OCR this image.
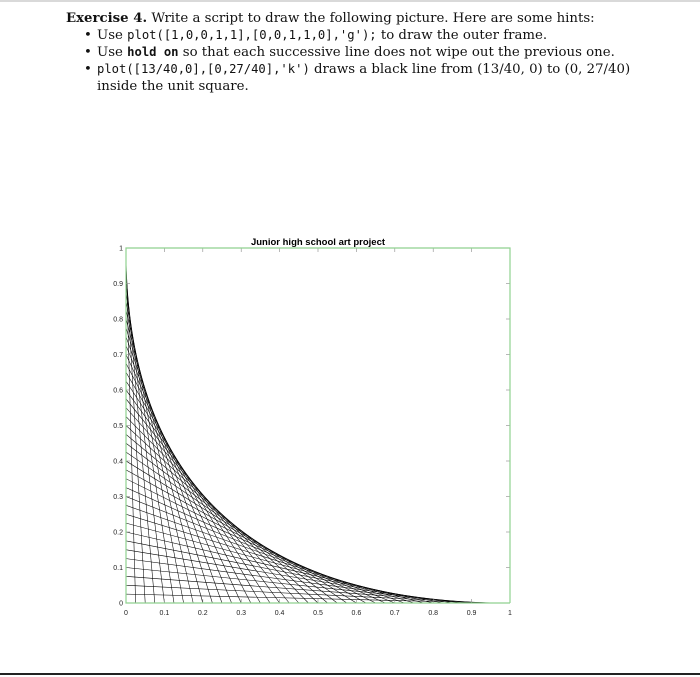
Exercise 4. Write a script to draw the following picture. Here are some hints:

• Use plot([1,0,0,1,1],[0,0,1,1,0],'g'); to draw the outer frame.
• Use hold on so that each successive line does not wipe out the previous one.
• plot([13/40,0],[0,27/40],'k') draws a black line from (13/40, 0) to (0, 27/40) inside the unit square.
Junior high school art project
0	0.1	0.2	0.3	0.4	0.5	0.6	0.7	0.8	0.9	1
0
0.1
0.2
0.3
0.4
0.5
0.6
0.7
0.8
0.9
1
